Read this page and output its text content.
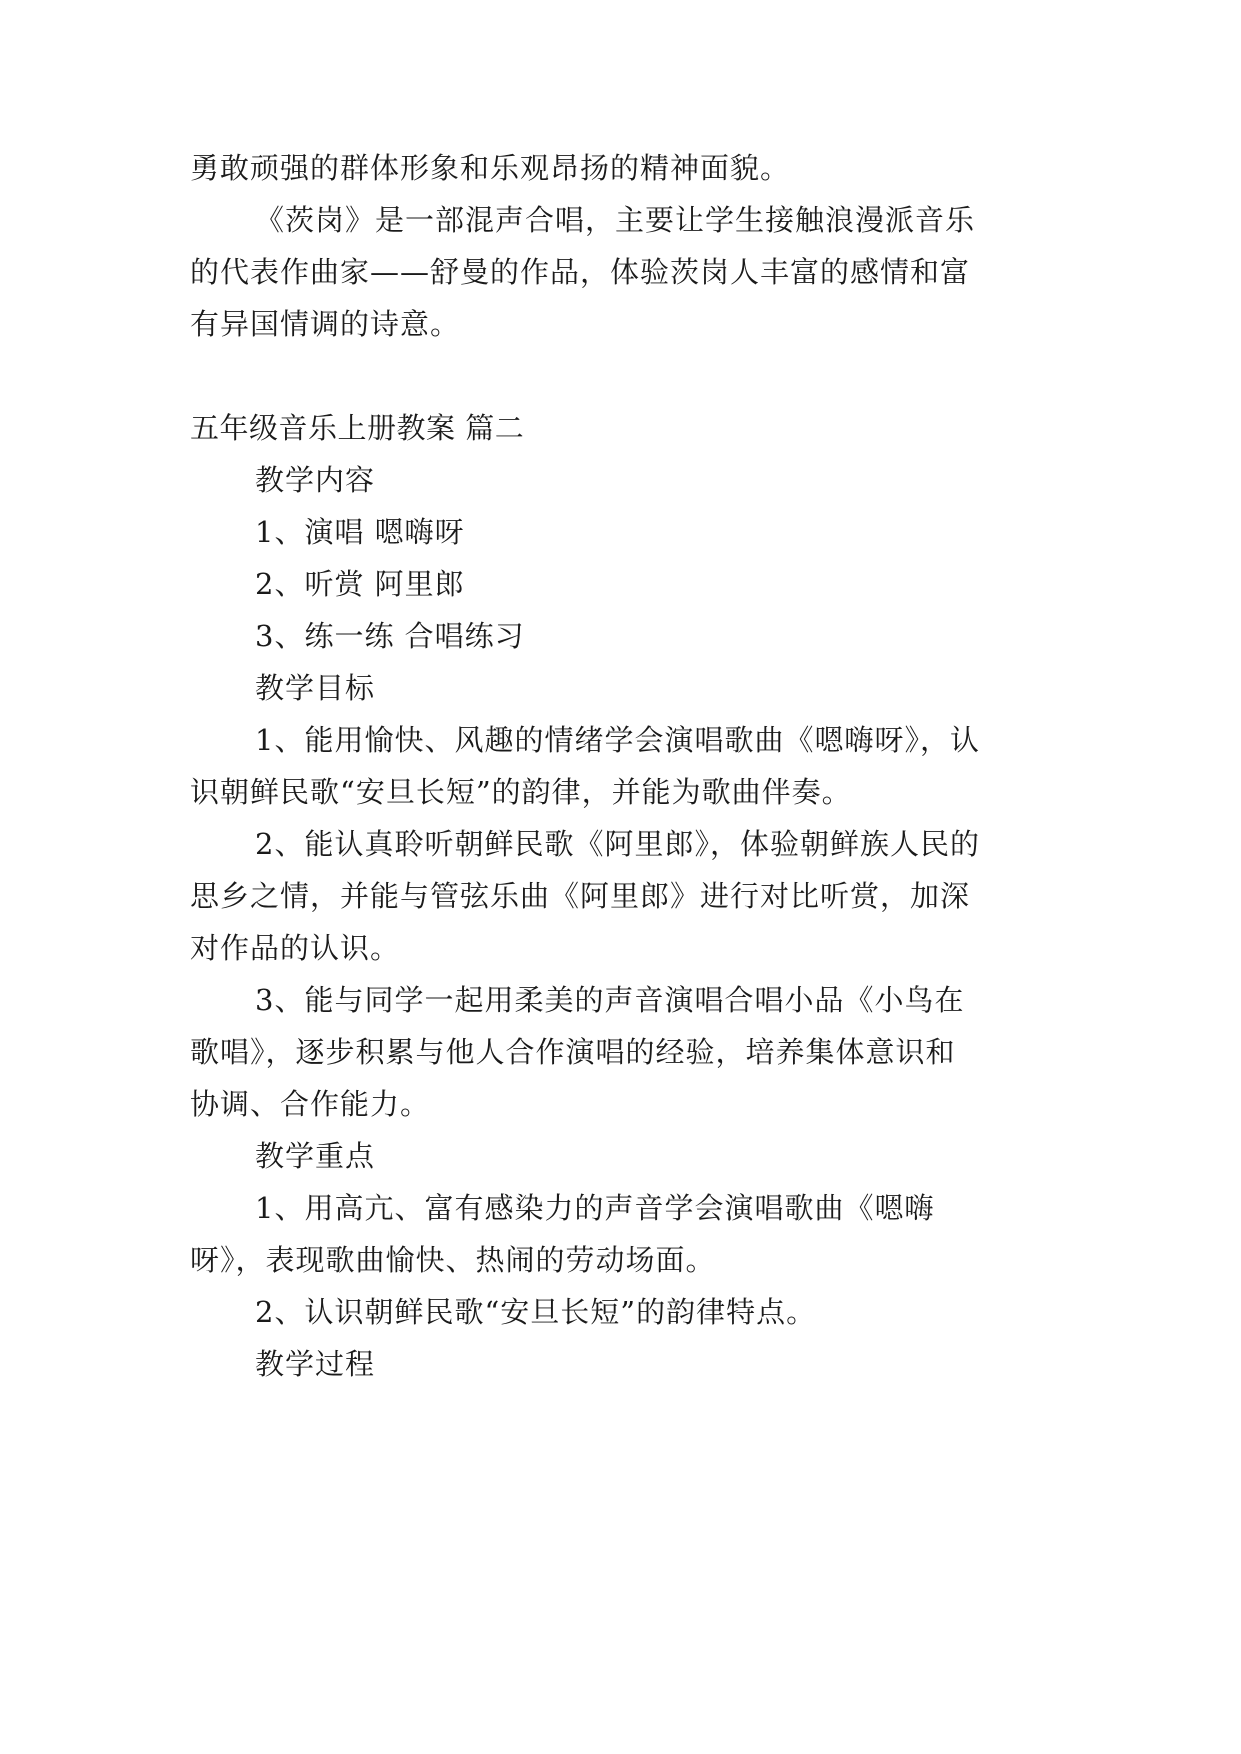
勇敢顽强的群体形象和乐观昂扬的精神面貌。
《茨岗》是一部混声合唱，主要让学生接触浪漫派音乐
的代表作曲家——舒曼的作品，体验茨岗人丰富的感情和富
有异国情调的诗意。
五年级音乐上册教案 篇二
教学内容
1、演唱 嗯嗨呀
2、听赏 阿里郎
3、练一练 合唱练习
教学目标
1、能用愉快、风趣的情绪学会演唱歌曲《嗯嗨呀》，认
识朝鲜民歌“安旦长短”的韵律，并能为歌曲伴奏。
2、能认真聆听朝鲜民歌《阿里郎》，体验朝鲜族人民的
思乡之情，并能与管弦乐曲《阿里郎》进行对比听赏，加深
对作品的认识。
3、能与同学一起用柔美的声音演唱合唱小品《小鸟在
歌唱》，逐步积累与他人合作演唱的经验，培养集体意识和
协调、合作能力。
教学重点
1、用高亢、富有感染力的声音学会演唱歌曲《嗯嗨
呀》，表现歌曲愉快、热闹的劳动场面。
2、认识朝鲜民歌“安旦长短”的韵律特点。
教学过程
